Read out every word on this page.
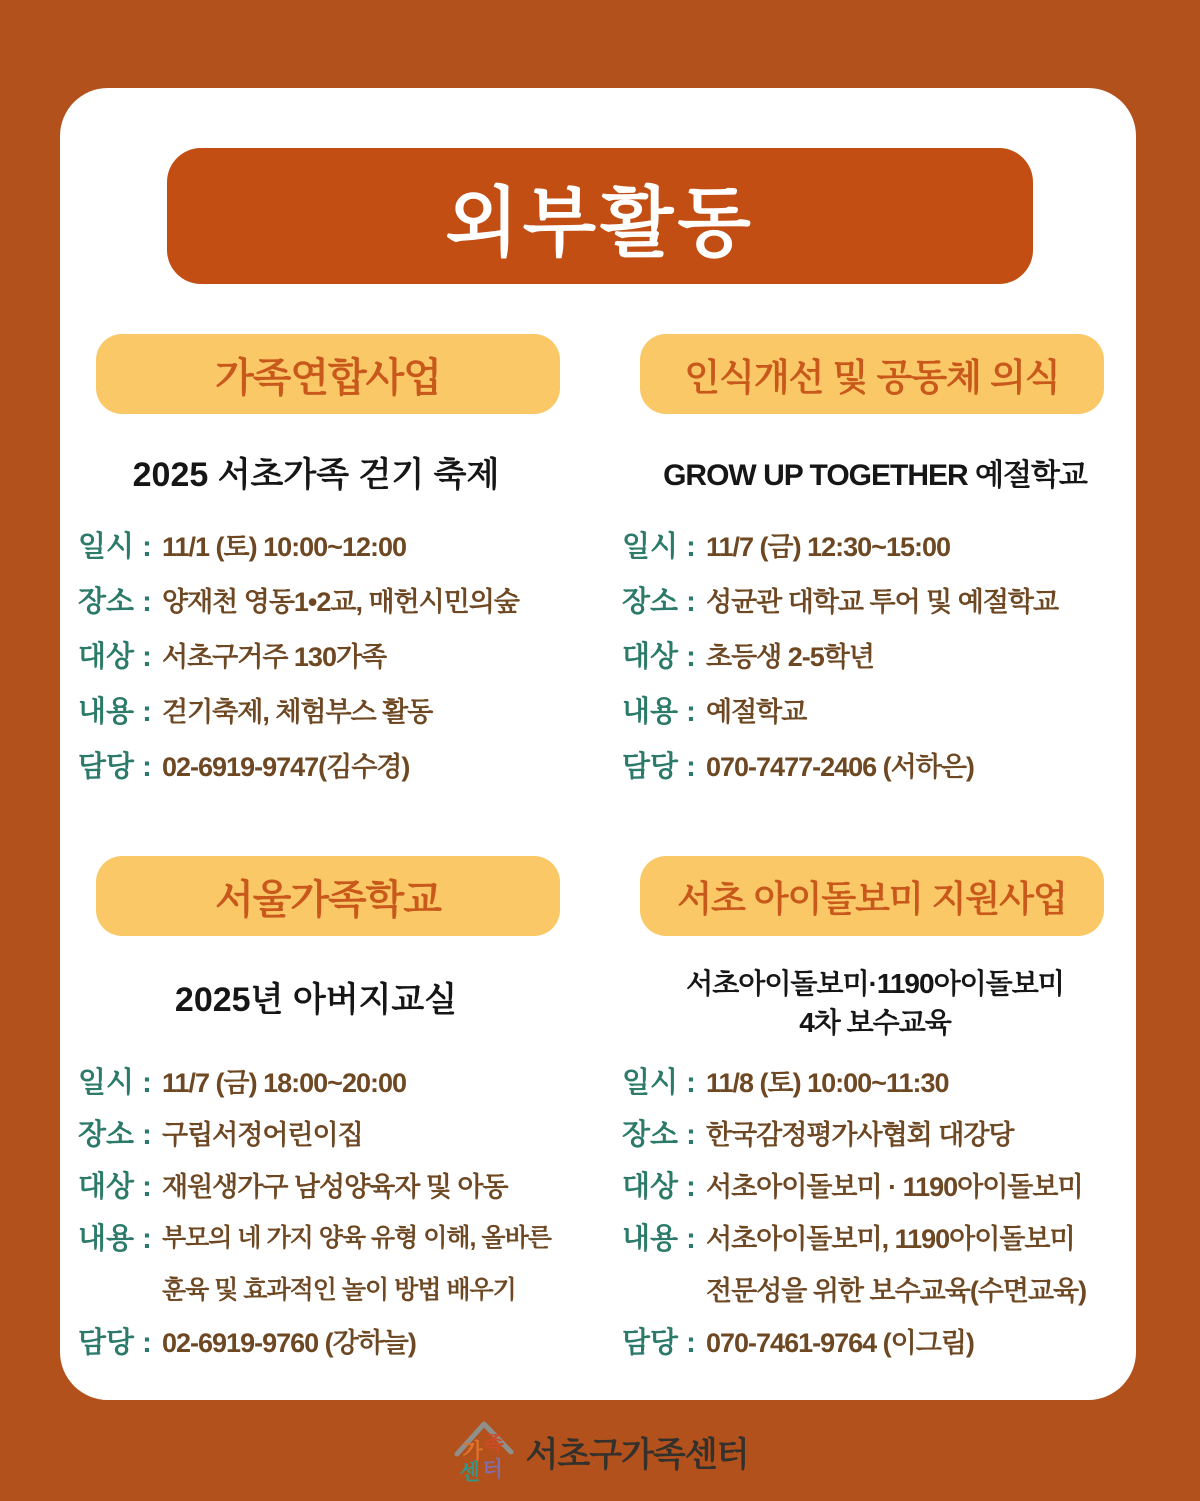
외부활동
가족연합사업
2025 서초가족 걷기 축제
일시 : 11/1 (토) 10:00~12:00
장소 : 양재천 영동1•2교, 매헌시민의숲
대상 : 서초구거주 130가족
내용 : 걷기축제, 체험부스 활동
담당 : 02-6919-9747(김수경)
인식개선 및 공동체 의식
GROW UP TOGETHER 예절학교
일시 : 11/7 (금) 12:30~15:00
장소 : 성균관 대학교 투어 및 예절학교
대상 : 초등생 2-5학년
내용 : 예절학교
담당 : 070-7477-2406 (서하은)
서울가족학교
2025년 아버지교실
일시 : 11/7 (금) 18:00~20:00
장소 : 구립서정어린이집
대상 : 재원생가구 남성양육자 및 아동
내용 : 부모의 네 가지 양육 유형 이해, 올바른
훈육 및 효과적인 놀이 방법 배우기
담당 : 02-6919-9760 (강하늘)
서초 아이돌보미 지원사업
서초아이돌보미·1190아이돌보미
4차 보수교육
일시 : 11/8 (토) 10:00~11:30
장소 : 한국감정평가사협회 대강당
대상 : 서초아이돌보미 · 1190아이돌보미
내용 : 서초아이돌보미, 1190아이돌보미
전문성을 위한 보수교육(수면교육)
담당 : 070-7461-9764 (이그림)
가 족
센 터 서초구가족센터
